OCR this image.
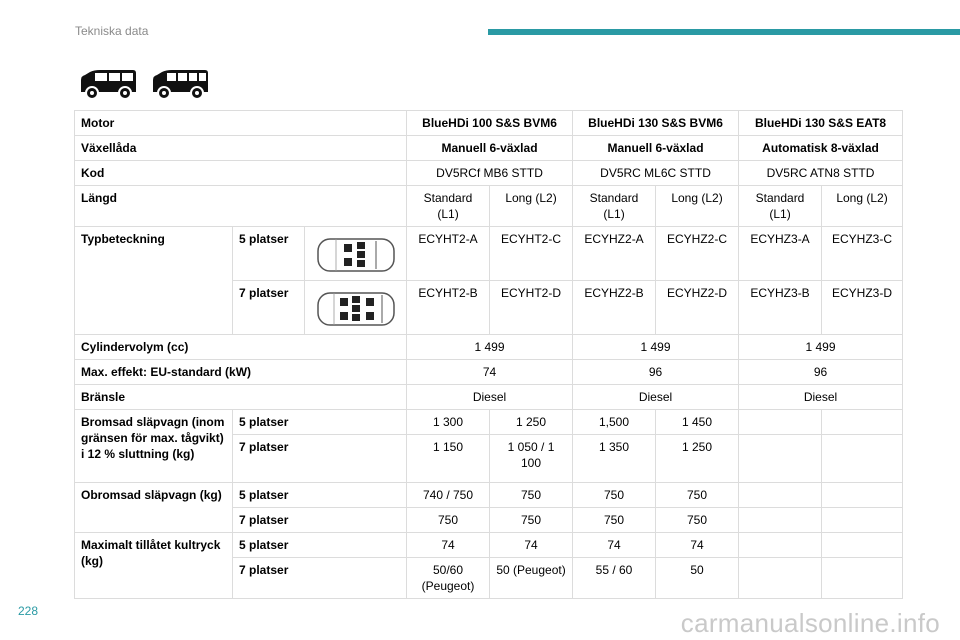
Tekniska data
Motor			BlueHDi 100 S&S BVM6		BlueHDi 130 S&S BVM6		BlueHDi 130 S&S EAT8	
Växellåda			Manuell 6-växlad		Manuell 6-växlad		Automatisk 8-växlad	
Kod			DV5RCf MB6 STTD		DV5RC ML6C STTD		DV5RC ATN8 STTD	
Längd			Standard (L1)	Long (L2)	Standard (L1)	Long (L2)	Standard (L1)	Long (L2)
Typbeteckning	5 platser		ECYHT2-A	ECYHT2-C	ECYHZ2-A	ECYHZ2-C	ECYHZ3-A	ECYHZ3-C
	7 platser		ECYHT2-B	ECYHT2-D	ECYHZ2-B	ECYHZ2-D	ECYHZ3-B	ECYHZ3-D
Cylindervolym (cc)			1 499		1 499		1 499	
Max. effekt: EU-standard (kW)			74		96		96	
Bränsle			Diesel		Diesel		Diesel	
Bromsad släpvagn (inom gränsen för max. tågvikt) i 12 % sluttning (kg)	5 platser		1 300	1 250	1,500	1 450		
	7 platser		1 150	1 050 / 1 100	1 350	1 250		
Obromsad släpvagn (kg)	5 platser		740 / 750	750	750	750		
	7 platser		750	750	750	750		
Maximalt tillåtet kultryck (kg)	5 platser		74	74	74	74		
	7 platser		50/60 (Peugeot)	50 (Peugeot)	55 / 60	50		
228	carmanualsonline.info
